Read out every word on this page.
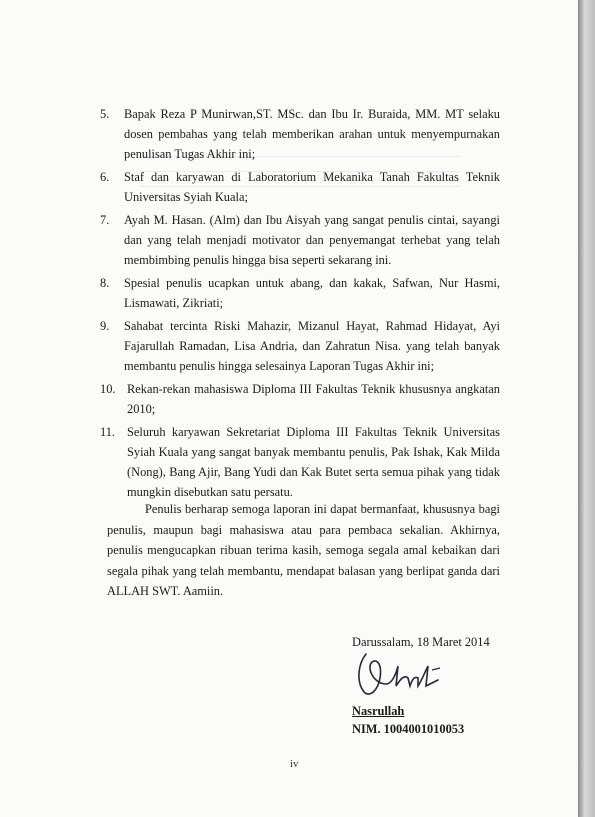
5. Bapak Reza P Munirwan,ST. MSc. dan Ibu Ir. Buraida, MM. MT selaku dosen pembahas yang telah memberikan arahan untuk menyempurnakan penulisan Tugas Akhir ini;
6. Staf dan karyawan di Laboratorium Mekanika Tanah Fakultas Teknik Universitas Syiah Kuala;
7. Ayah M. Hasan. (Alm) dan Ibu Aisyah yang sangat penulis cintai, sayangi dan yang telah menjadi motivator dan penyemangat terhebat yang telah membimbing penulis hingga bisa seperti sekarang ini.
8. Spesial penulis ucapkan untuk abang, dan kakak, Safwan, Nur Hasmi, Lismawati, Zikriati;
9. Sahabat tercinta Riski Mahazir, Mizanul Hayat, Rahmad Hidayat, Ayi Fajarullah Ramadan, Lisa Andria, dan Zahratun Nisa. yang telah banyak membantu penulis hingga selesainya Laporan Tugas Akhir ini;
10. Rekan-rekan mahasiswa Diploma III Fakultas Teknik khususnya angkatan 2010;
11. Seluruh karyawan Sekretariat Diploma III Fakultas Teknik Universitas Syiah Kuala yang sangat banyak membantu penulis, Pak Ishak, Kak Milda (Nong), Bang Ajir, Bang Yudi dan Kak Butet serta semua pihak yang tidak mungkin disebutkan satu persatu.

Penulis berharap semoga laporan ini dapat bermanfaat, khususnya bagi penulis, maupun bagi mahasiswa atau para pembaca sekalian. Akhirnya, penulis mengucapkan ribuan terima kasih, semoga segala amal kebaikan dari segala pihak yang telah membantu, mendapat balasan yang berlipat ganda dari ALLAH SWT. Aamiin.

Darussalam, 18 Maret 2014
Nasrullah
NIM. 1004001010053
iv
